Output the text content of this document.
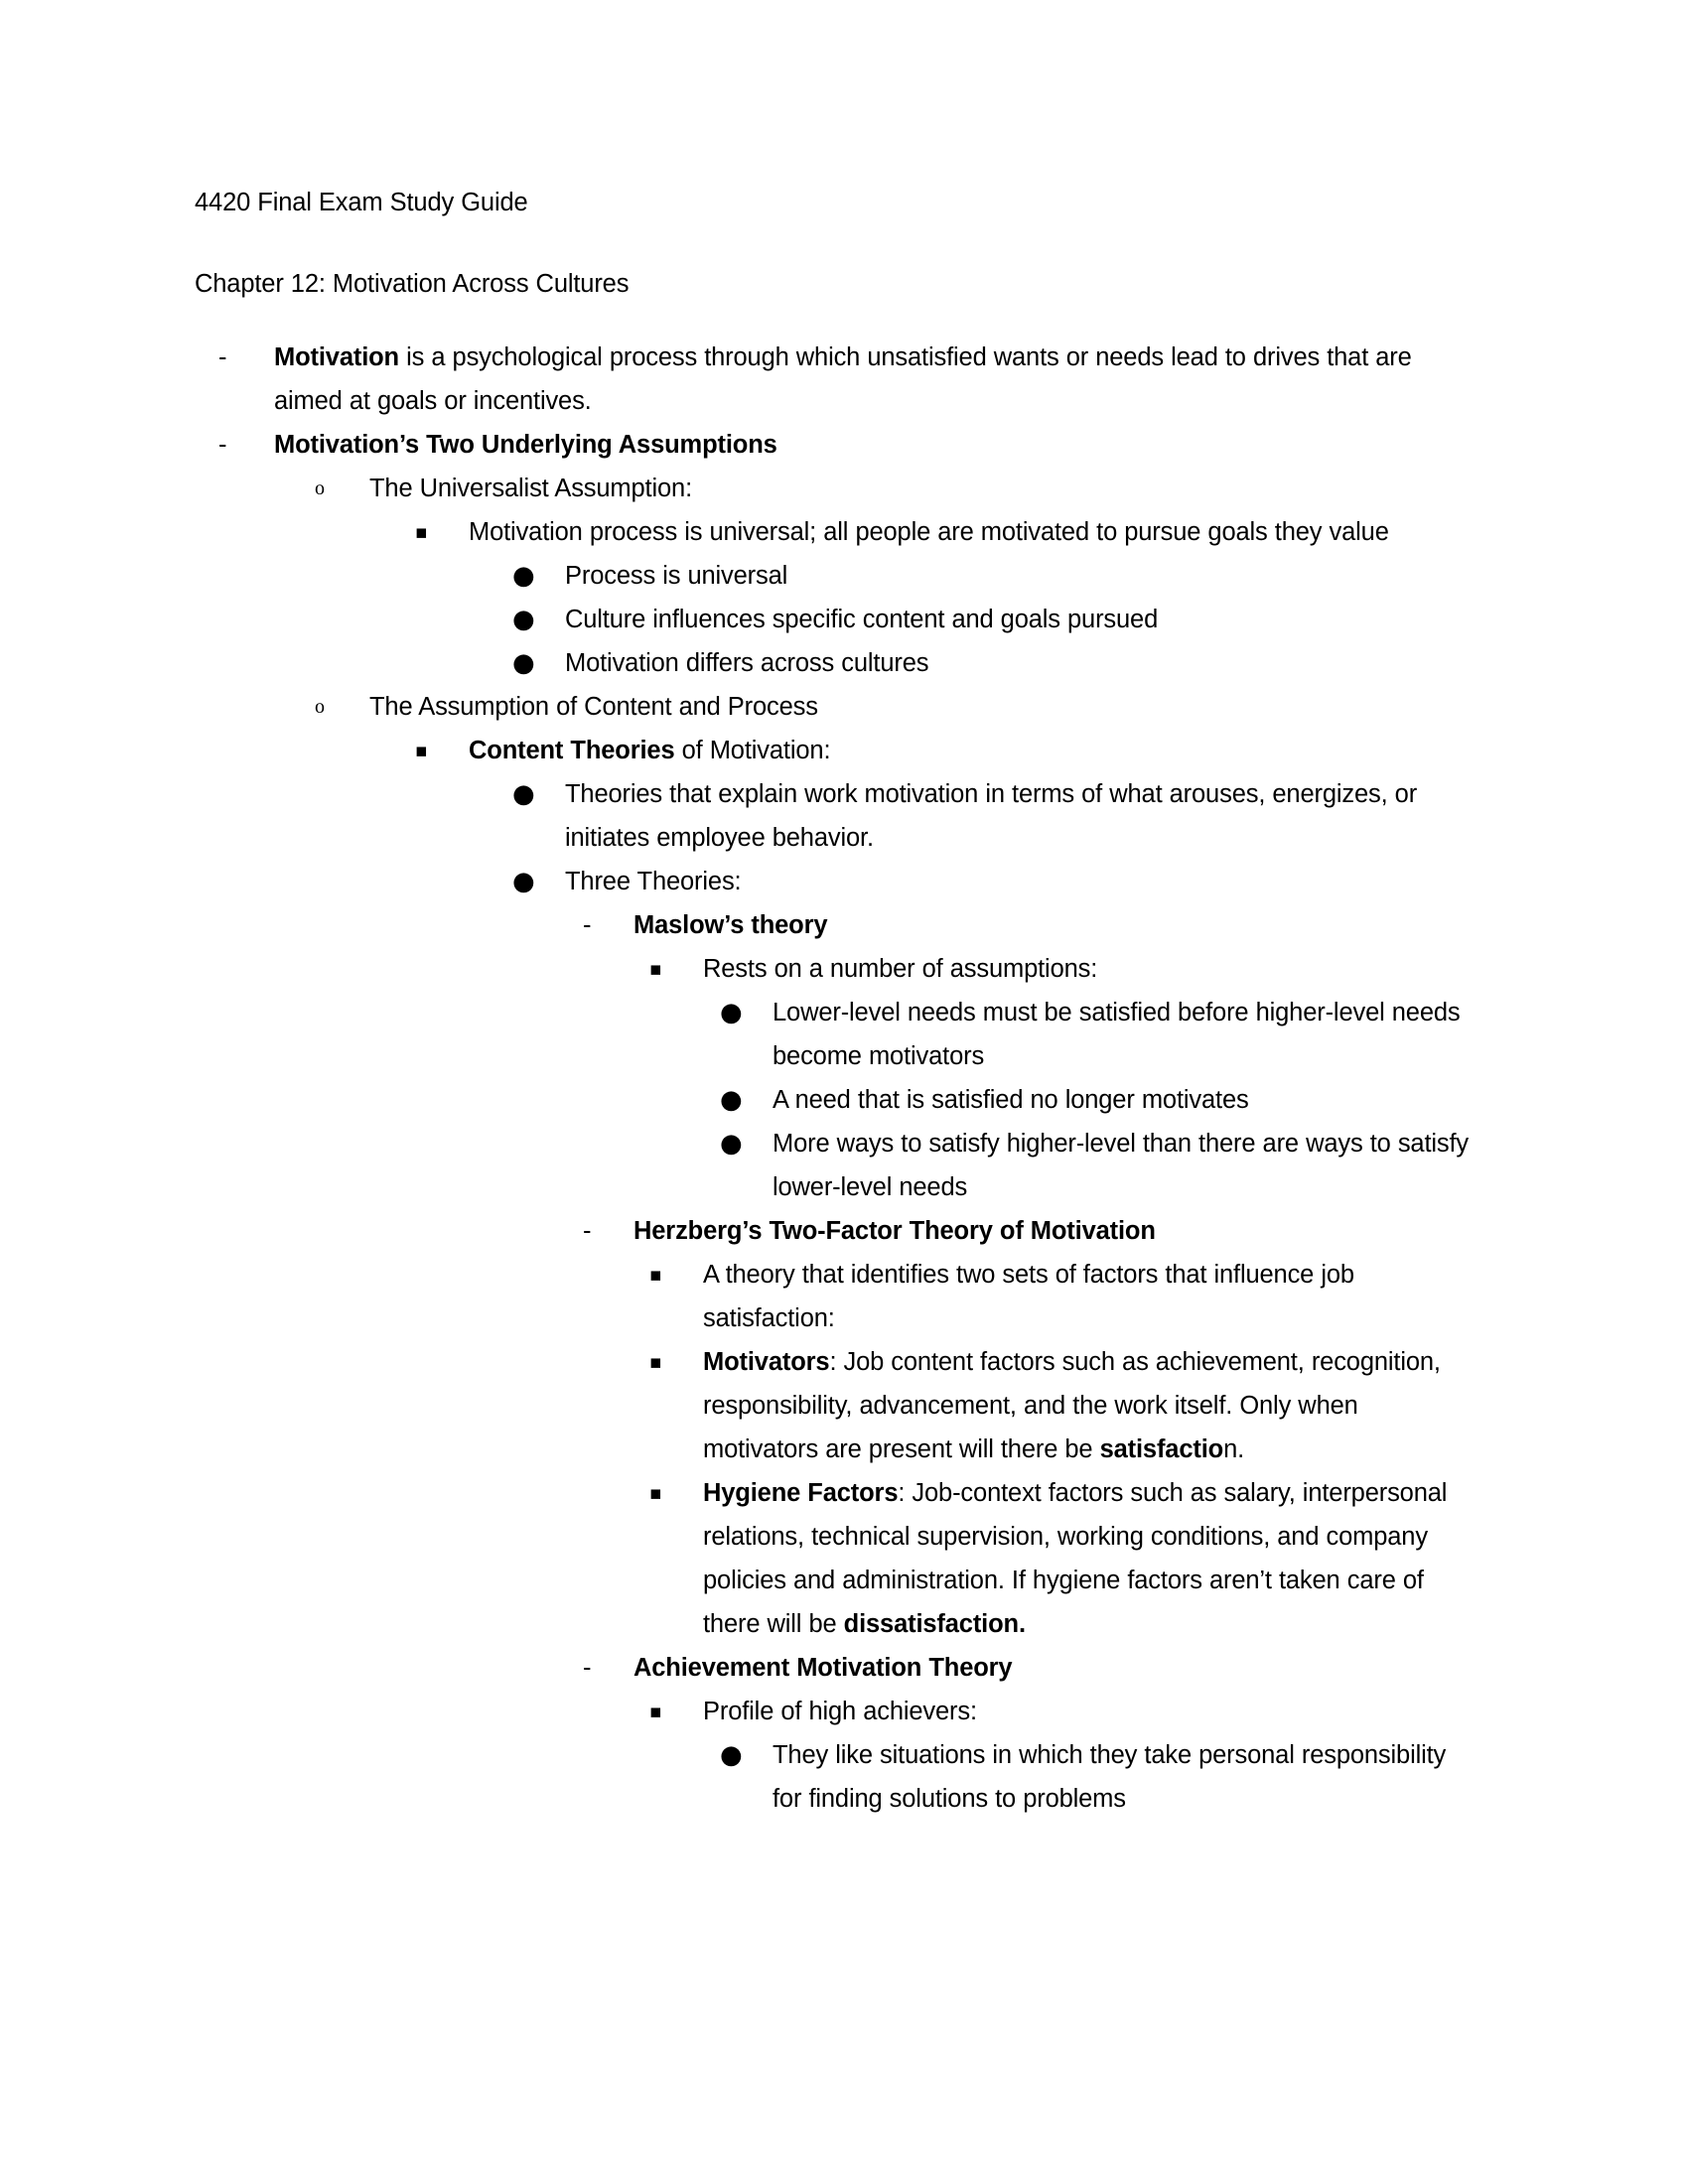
4420 Final Exam Study Guide

Chapter 12: Motivation Across Cultures

- Motivation is a psychological process through which unsatisfied wants or needs lead to drives that are aimed at goals or incentives.
- Motivation’s Two Underlying Assumptions
o The Universalist Assumption:
▪ Motivation process is universal; all people are motivated to pursue goals they value
● Process is universal
● Culture influences specific content and goals pursued
● Motivation differs across cultures
o The Assumption of Content and Process
▪ Content Theories of Motivation:
● Theories that explain work motivation in terms of what arouses, energizes, or initiates employee behavior.
● Three Theories:
- Maslow’s theory
▪ Rests on a number of assumptions:
● Lower-level needs must be satisfied before higher-level needs become motivators
● A need that is satisfied no longer motivates
● More ways to satisfy higher-level than there are ways to satisfy lower-level needs
- Herzberg’s Two-Factor Theory of Motivation
▪ A theory that identifies two sets of factors that influence job satisfaction:
▪ Motivators: Job content factors such as achievement, recognition, responsibility, advancement, and the work itself. Only when motivators are present will there be satisfaction.
▪ Hygiene Factors: Job-context factors such as salary, interpersonal relations, technical supervision, working conditions, and company policies and administration. If hygiene factors aren’t taken care of there will be dissatisfaction.
- Achievement Motivation Theory
▪ Profile of high achievers:
● They like situations in which they take personal responsibility for finding solutions to problems
